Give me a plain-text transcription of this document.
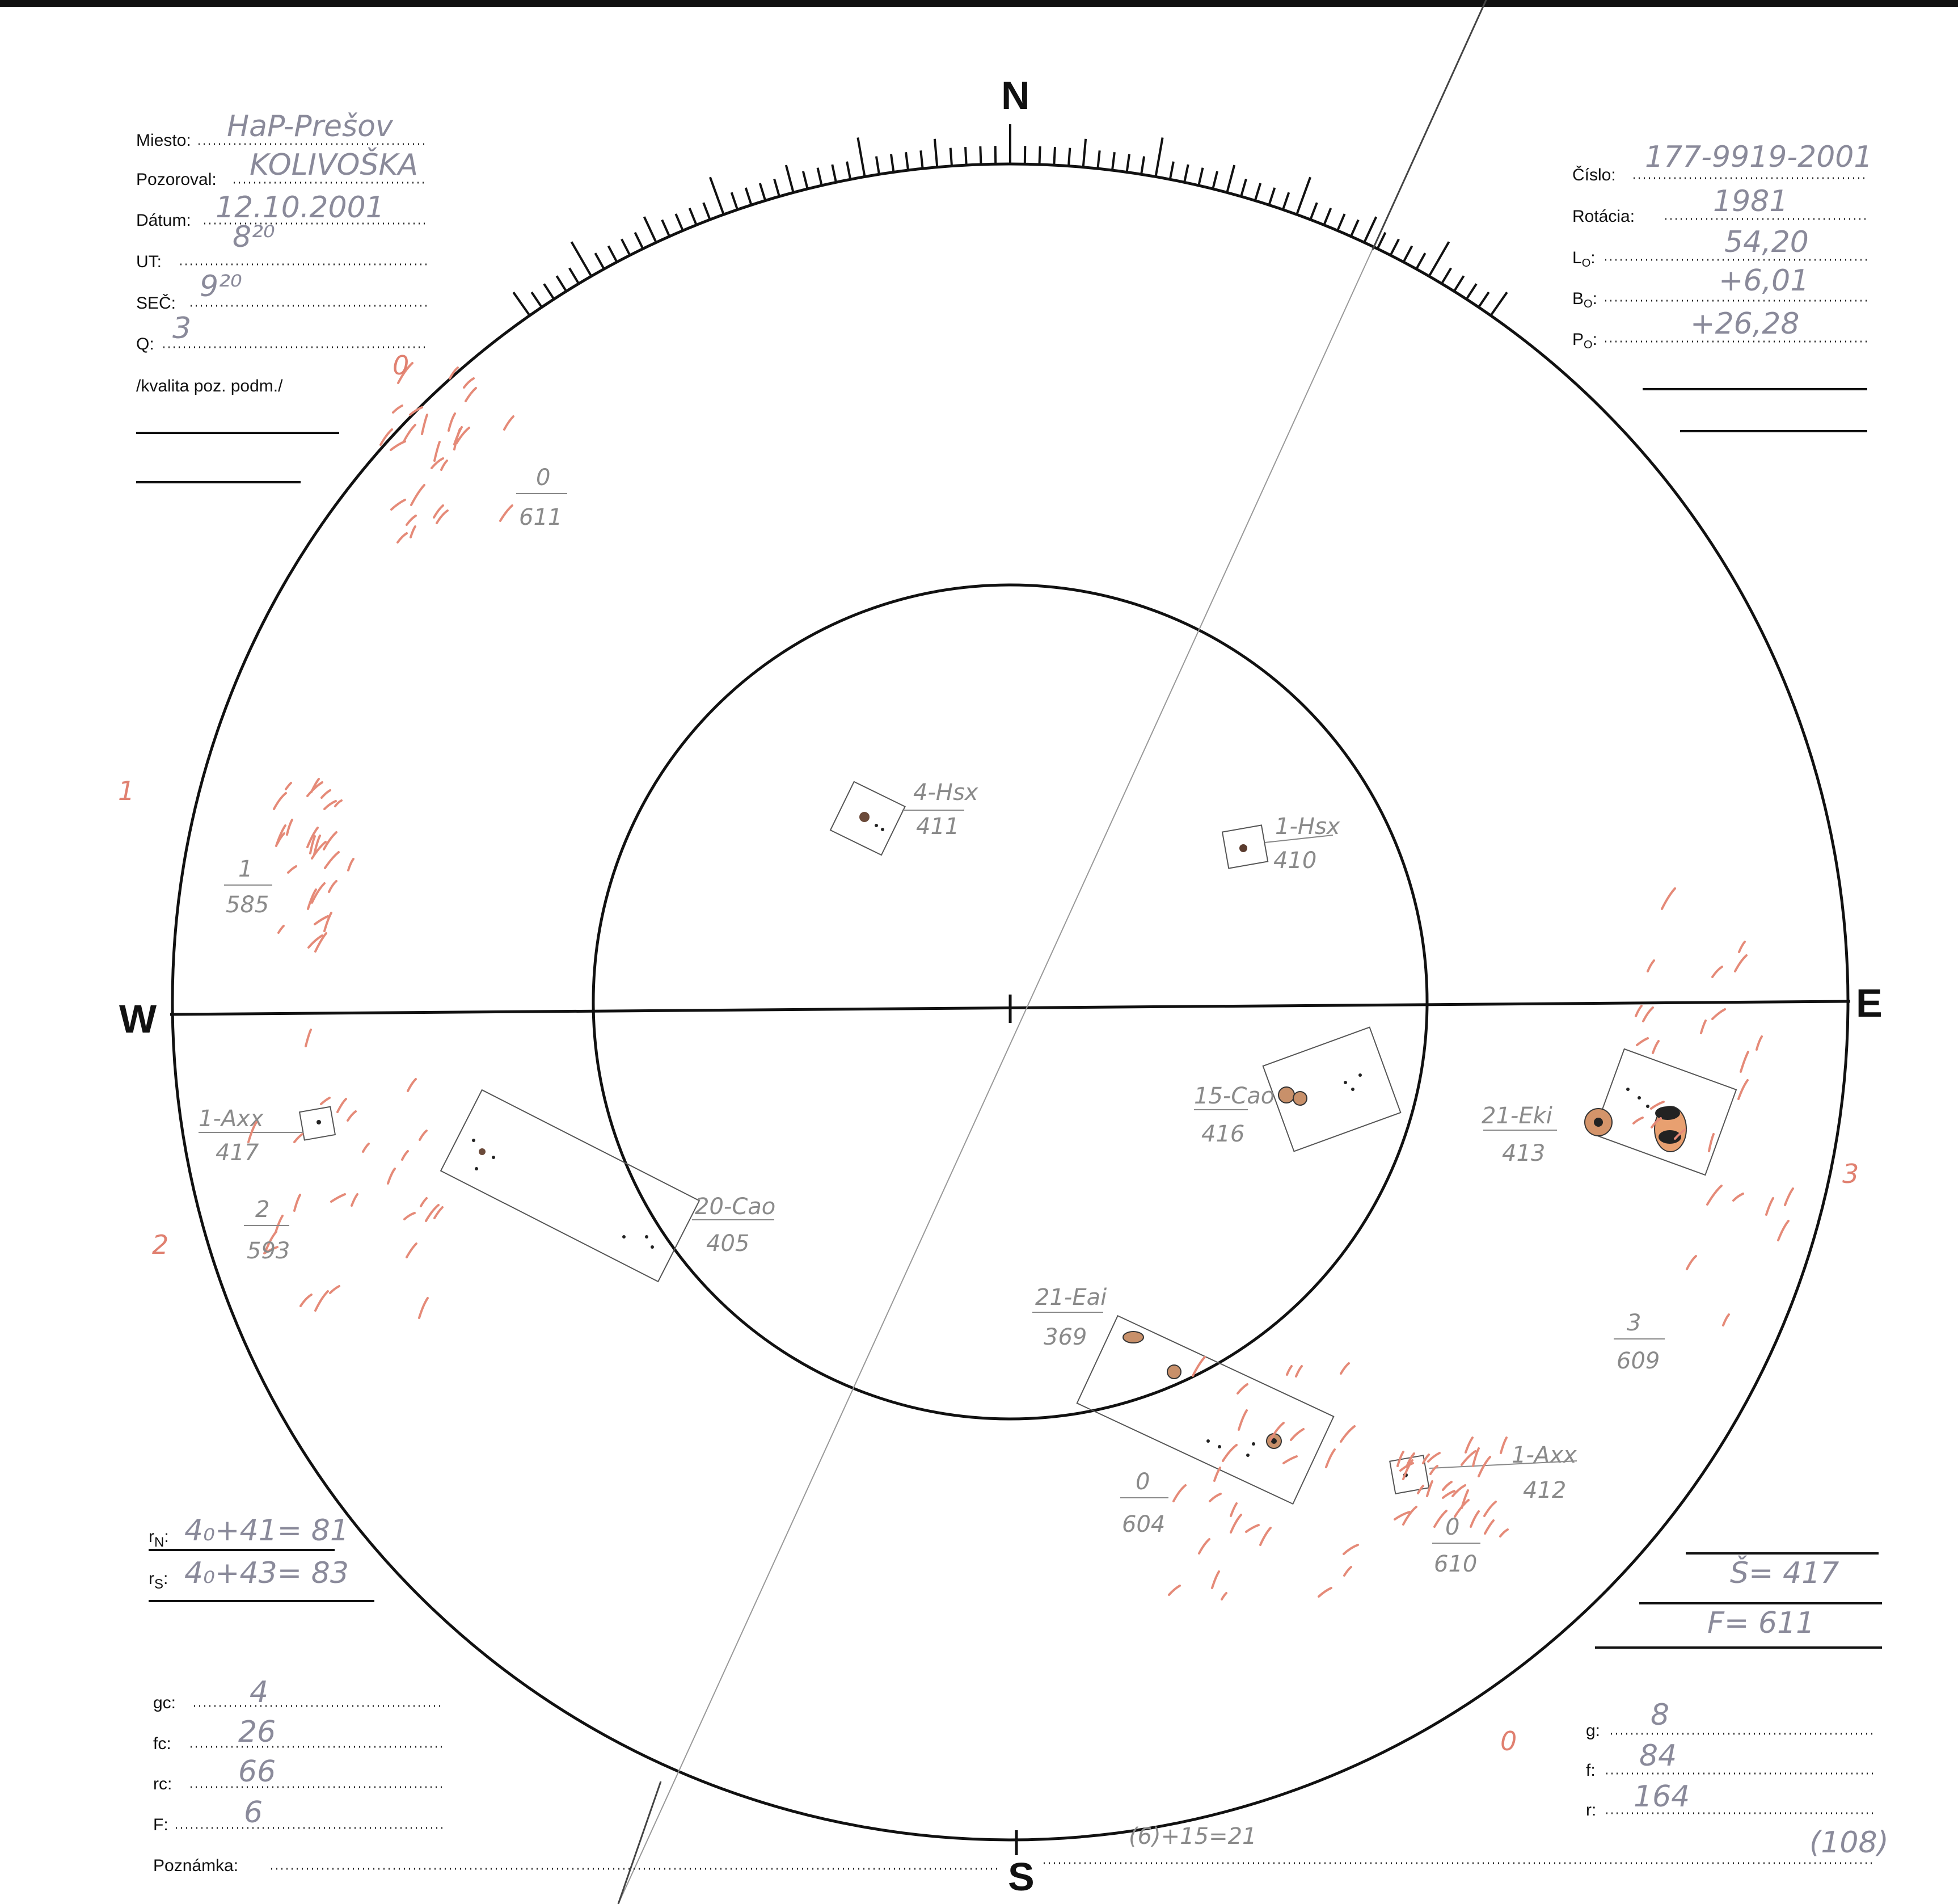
N
S
E
W
Miesto: HaP-Prešov
Pozoroval: KOLIVOŠKA
Dátum: 12.10.2001
UT:
8²⁰
SEČ: 9²⁰
Q: 3
/kvalita poz. podm./
Číslo:
177-9919-2001
Rotácia:	1981
$L_O$:	54,20
$B_O$:
+6,01
$P_O$:	+26,28
4-Hsx
411	1-Hsx
410
15-Cao
416
21-Eki
413
20-Cao
405
21-Eai
369
1-Axx
417
1-Axx
412
0
611
1
585
2
593
3
609
0
604	0
610
0
1
2
3
0
$r_N$: 4₀+41= 81
$r_S$: 4₀+43= 83
gc: 4
fc: 26
rc: 66
F:	6
Poznámka:
(6)+15=21
Š= 417
F= 611
g: 8
f: 84
r: 164
(108)
